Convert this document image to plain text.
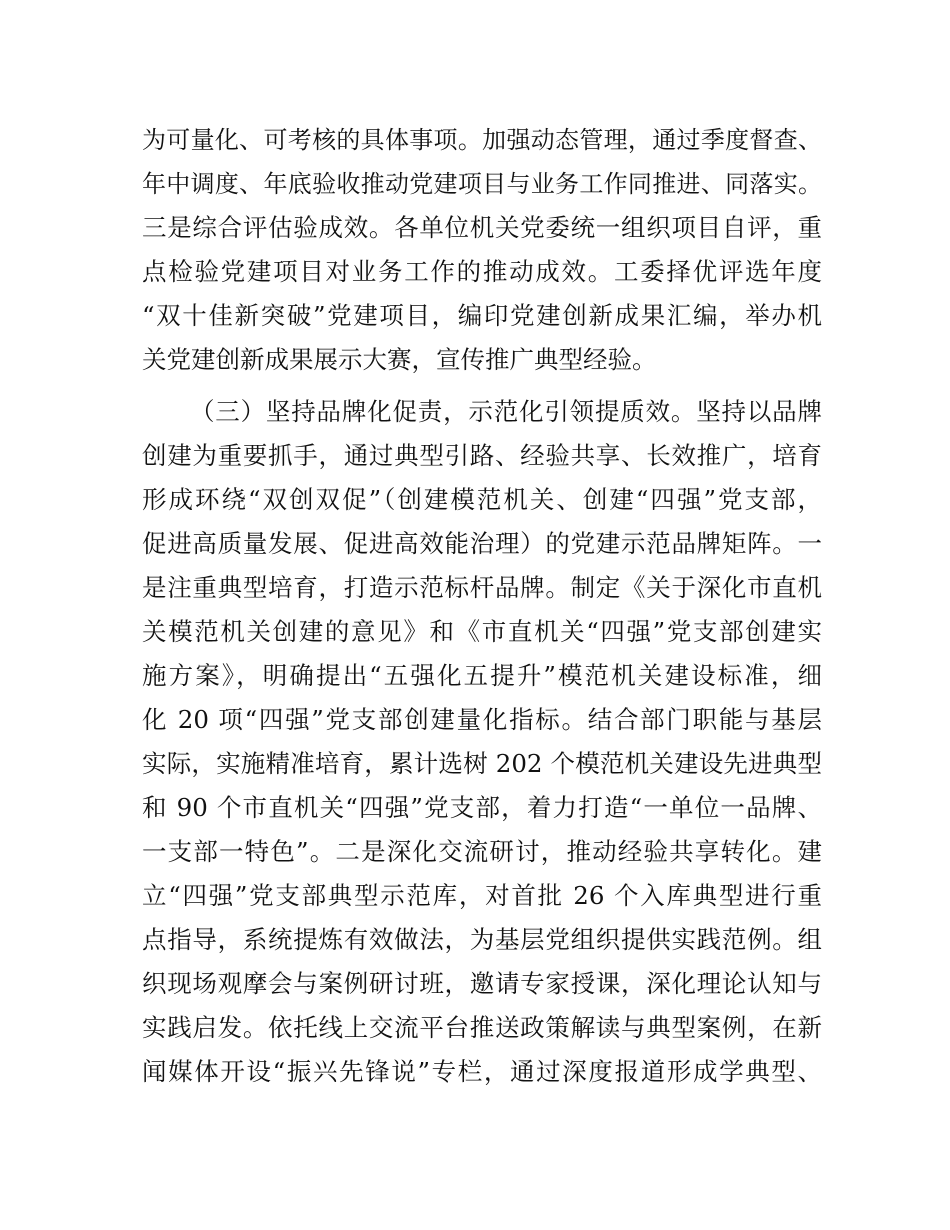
为可量化、可考核的具体事项。加强动态管理，通过季度督查、
年中调度、年底验收推动党建项目与业务工作同推进、同落实。
三是综合评估验成效。各单位机关党委统一组织项目自评，重
点检验党建项目对业务工作的推动成效。工委择优评选年度
“双十佳新突破”党建项目，编印党建创新成果汇编，举办机
关党建创新成果展示大赛，宣传推广典型经验。
（三）坚持品牌化促责，示范化引领提质效。坚持以品牌
创建为重要抓手，通过典型引路、经验共享、长效推广，培育
形成环绕“双创双促”（创建模范机关、创建“四强”党支部，
促进高质量发展、促进高效能治理）的党建示范品牌矩阵。一
是注重典型培育，打造示范标杆品牌。制定《关于深化市直机
关模范机关创建的意见》和《市直机关“四强”党支部创建实
施方案》，明确提出“五强化五提升”模范机关建设标准，细
化 20 项“四强”党支部创建量化指标。结合部门职能与基层
实际，实施精准培育，累计选树 202 个模范机关建设先进典型
和 90 个市直机关“四强”党支部，着力打造“一单位一品牌、
一支部一特色”。二是深化交流研讨，推动经验共享转化。建
立“四强”党支部典型示范库，对首批 26 个入库典型进行重
点指导，系统提炼有效做法，为基层党组织提供实践范例。组
织现场观摩会与案例研讨班，邀请专家授课，深化理论认知与
实践启发。依托线上交流平台推送政策解读与典型案例，在新
闻媒体开设“振兴先锋说”专栏，通过深度报道形成学典型、
